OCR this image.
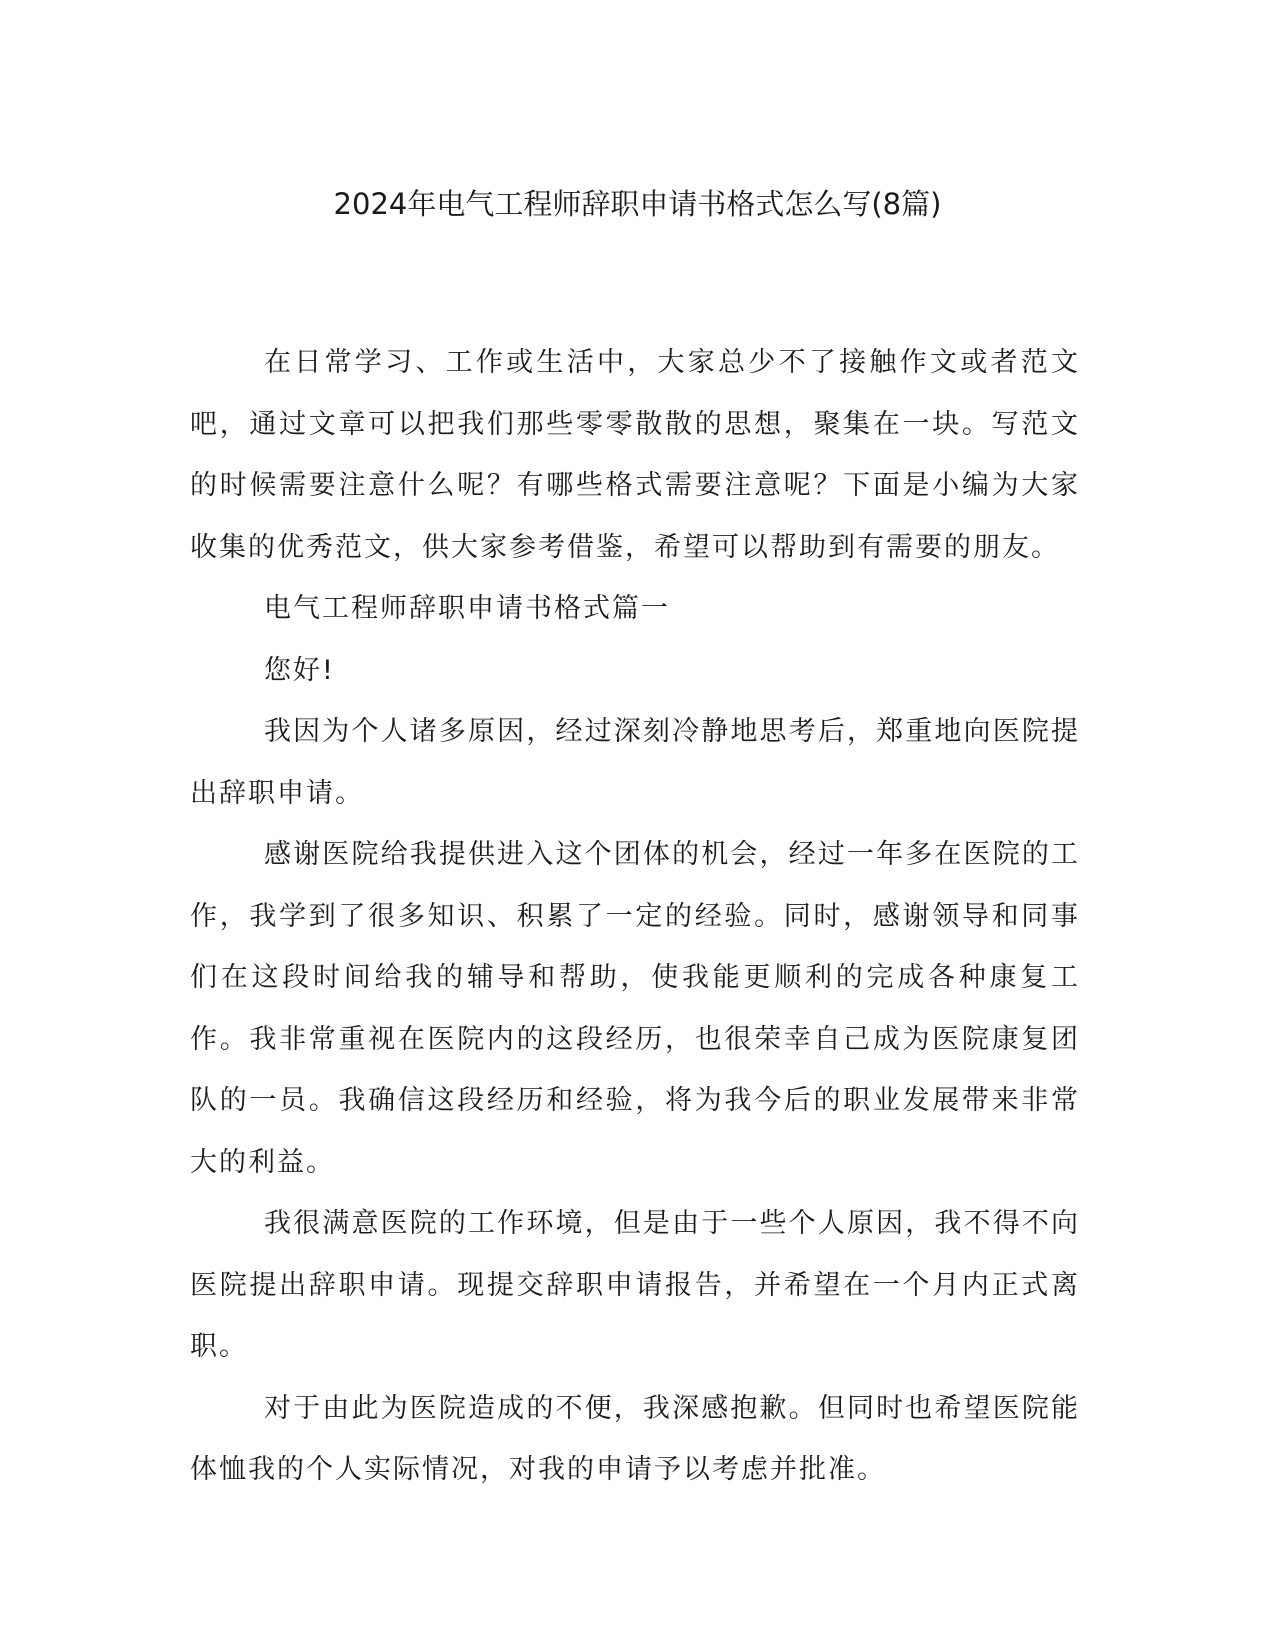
2024年电气工程师辞职申请书格式怎么写(8篇)

在日常学习、工作或生活中，大家总少不了接触作文或者范文吧，通过文章可以把我们那些零零散散的思想，聚集在一块。写范文的时候需要注意什么呢？有哪些格式需要注意呢？下面是小编为大家收集的优秀范文，供大家参考借鉴，希望可以帮助到有需要的朋友。

电气工程师辞职申请书格式篇一

您好!

我因为个人诸多原因，经过深刻冷静地思考后，郑重地向医院提出辞职申请。

感谢医院给我提供进入这个团体的机会，经过一年多在医院的工作，我学到了很多知识、积累了一定的经验。同时，感谢领导和同事们在这段时间给我的辅导和帮助，使我能更顺利的完成各种康复工作。我非常重视在医院内的这段经历，也很荣幸自己成为医院康复团队的一员。我确信这段经历和经验，将为我今后的职业发展带来非常大的利益。

我很满意医院的工作环境，但是由于一些个人原因，我不得不向医院提出辞职申请。现提交辞职申请报告，并希望在一个月内正式离职。

对于由此为医院造成的不便，我深感抱歉。但同时也希望医院能体恤我的个人实际情况，对我的申请予以考虑并批准。
